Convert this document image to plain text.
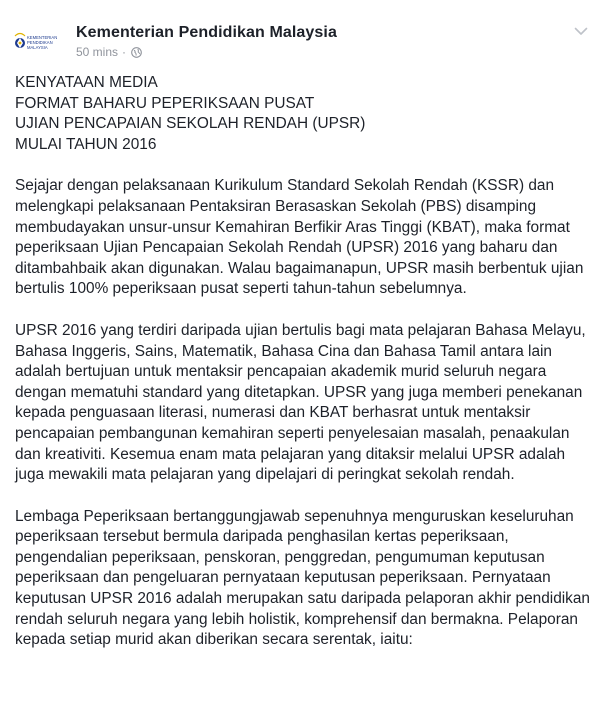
KEMENTERIAN
PENDIDIKAN
MALAYSIA
Kementerian Pendidikan Malaysia
50 mins ·
KENYATAAN MEDIA
FORMAT BAHARU PEPERIKSAAN PUSAT
UJIAN PENCAPAIAN SEKOLAH RENDAH (UPSR)
MULAI TAHUN 2016

Sejajar dengan pelaksanaan Kurikulum Standard Sekolah Rendah (KSSR) dan melengkapi pelaksanaan Pentaksiran Berasaskan Sekolah (PBS) disamping membudayakan unsur-unsur Kemahiran Berfikir Aras Tinggi (KBAT), maka format peperiksaan Ujian Pencapaian Sekolah Rendah (UPSR) 2016 yang baharu dan ditambahbaik akan digunakan. Walau bagaimanapun, UPSR masih berbentuk ujian bertulis 100% peperiksaan pusat seperti tahun-tahun sebelumnya.

UPSR 2016 yang terdiri daripada ujian bertulis bagi mata pelajaran Bahasa Melayu, Bahasa Inggeris, Sains, Matematik, Bahasa Cina dan Bahasa Tamil antara lain adalah bertujuan untuk mentaksir pencapaian akademik murid seluruh negara dengan mematuhi standard yang ditetapkan. UPSR yang juga memberi penekanan kepada penguasaan literasi, numerasi dan KBAT berhasrat untuk mentaksir pencapaian pembangunan kemahiran seperti penyelesaian masalah, penaakulan dan kreativiti. Kesemua enam mata pelajaran yang ditaksir melalui UPSR adalah juga mewakili mata pelajaran yang dipelajari di peringkat sekolah rendah.

Lembaga Peperiksaan bertanggungjawab sepenuhnya menguruskan keseluruhan peperiksaan tersebut bermula daripada penghasilan kertas peperiksaan, pengendalian peperiksaan, penskoran, penggredan, pengumuman keputusan peperiksaan dan pengeluaran pernyataan keputusan peperiksaan. Pernyataan keputusan UPSR 2016 adalah merupakan satu daripada pelaporan akhir pendidikan rendah seluruh negara yang lebih holistik, komprehensif dan bermakna. Pelaporan kepada setiap murid akan diberikan secara serentak, iaitu:
